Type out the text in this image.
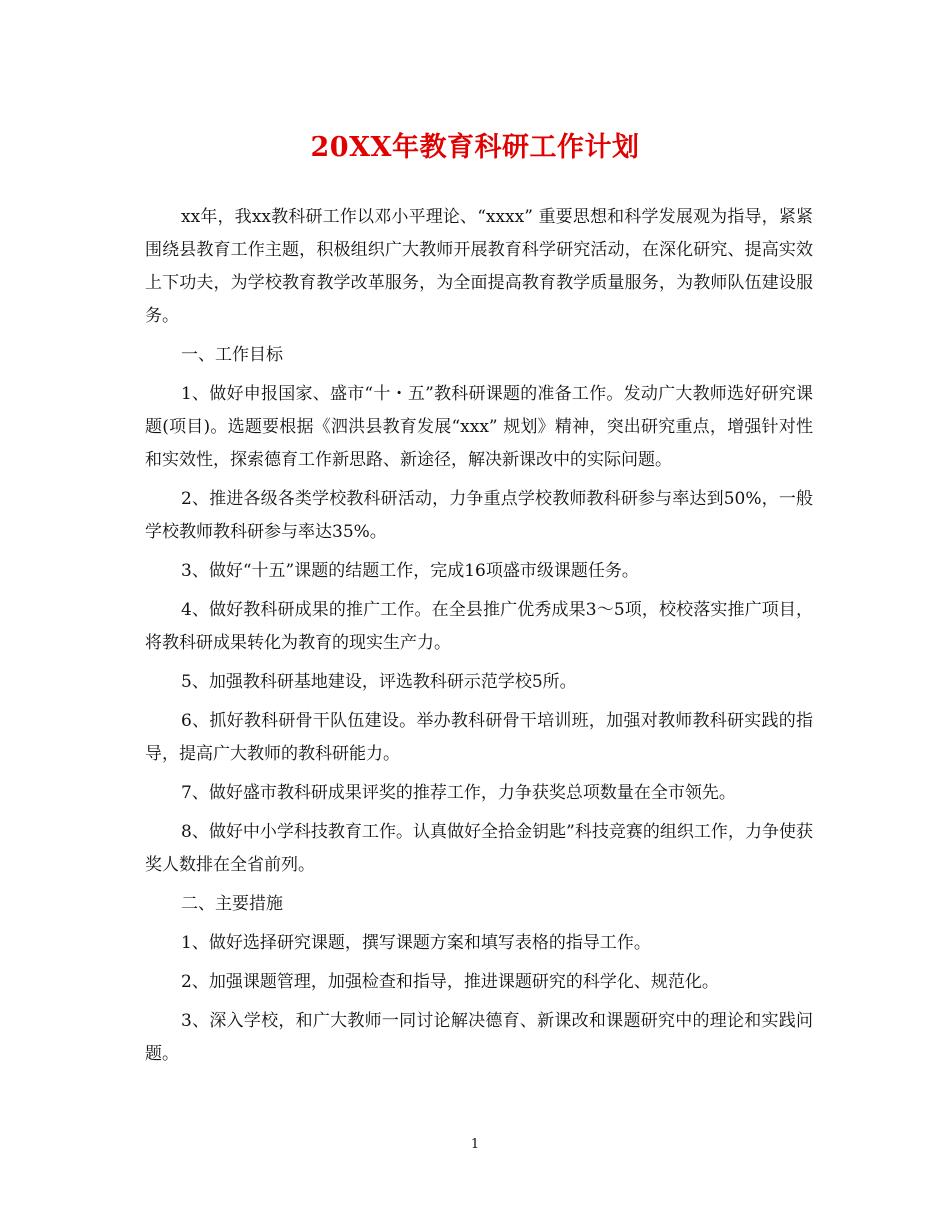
20XX年教育科研工作计划

xx年，我xx教科研工作以邓小平理论、“xxxx” 重要思想和科学发展观为指导，紧紧围绕县教育工作主题，积极组织广大教师开展教育科学研究活动，在深化研究、提高实效上下功夫，为学校教育教学改革服务，为全面提高教育教学质量服务，为教师队伍建设服务。

一、工作目标

1、做好申报国家、盛市“十・五”教科研课题的准备工作。发动广大教师选好研究课题(项目)。选题要根据《泗洪县教育发展“xxx” 规划》精神，突出研究重点，增强针对性和实效性，探索德育工作新思路、新途径，解决新课改中的实际问题。

2、推进各级各类学校教科研活动，力争重点学校教师教科研参与率达到50%，一般学校教师教科研参与率达35%。

3、做好“十五”课题的结题工作，完成16项盛市级课题任务。

4、做好教科研成果的推广工作。在全县推广优秀成果3～5项，校校落实推广项目，将教科研成果转化为教育的现实生产力。

5、加强教科研基地建设，评选教科研示范学校5所。

6、抓好教科研骨干队伍建设。举办教科研骨干培训班，加强对教师教科研实践的指导，提高广大教师的教科研能力。

7、做好盛市教科研成果评奖的推荐工作，力争获奖总项数量在全市领先。

8、做好中小学科技教育工作。认真做好全拾金钥匙”科技竞赛的组织工作，力争使获奖人数排在全省前列。

二、主要措施

1、做好选择研究课题，撰写课题方案和填写表格的指导工作。

2、加强课题管理，加强检查和指导，推进课题研究的科学化、规范化。

3、深入学校，和广大教师一同讨论解决德育、新课改和课题研究中的理论和实践问题。

1
